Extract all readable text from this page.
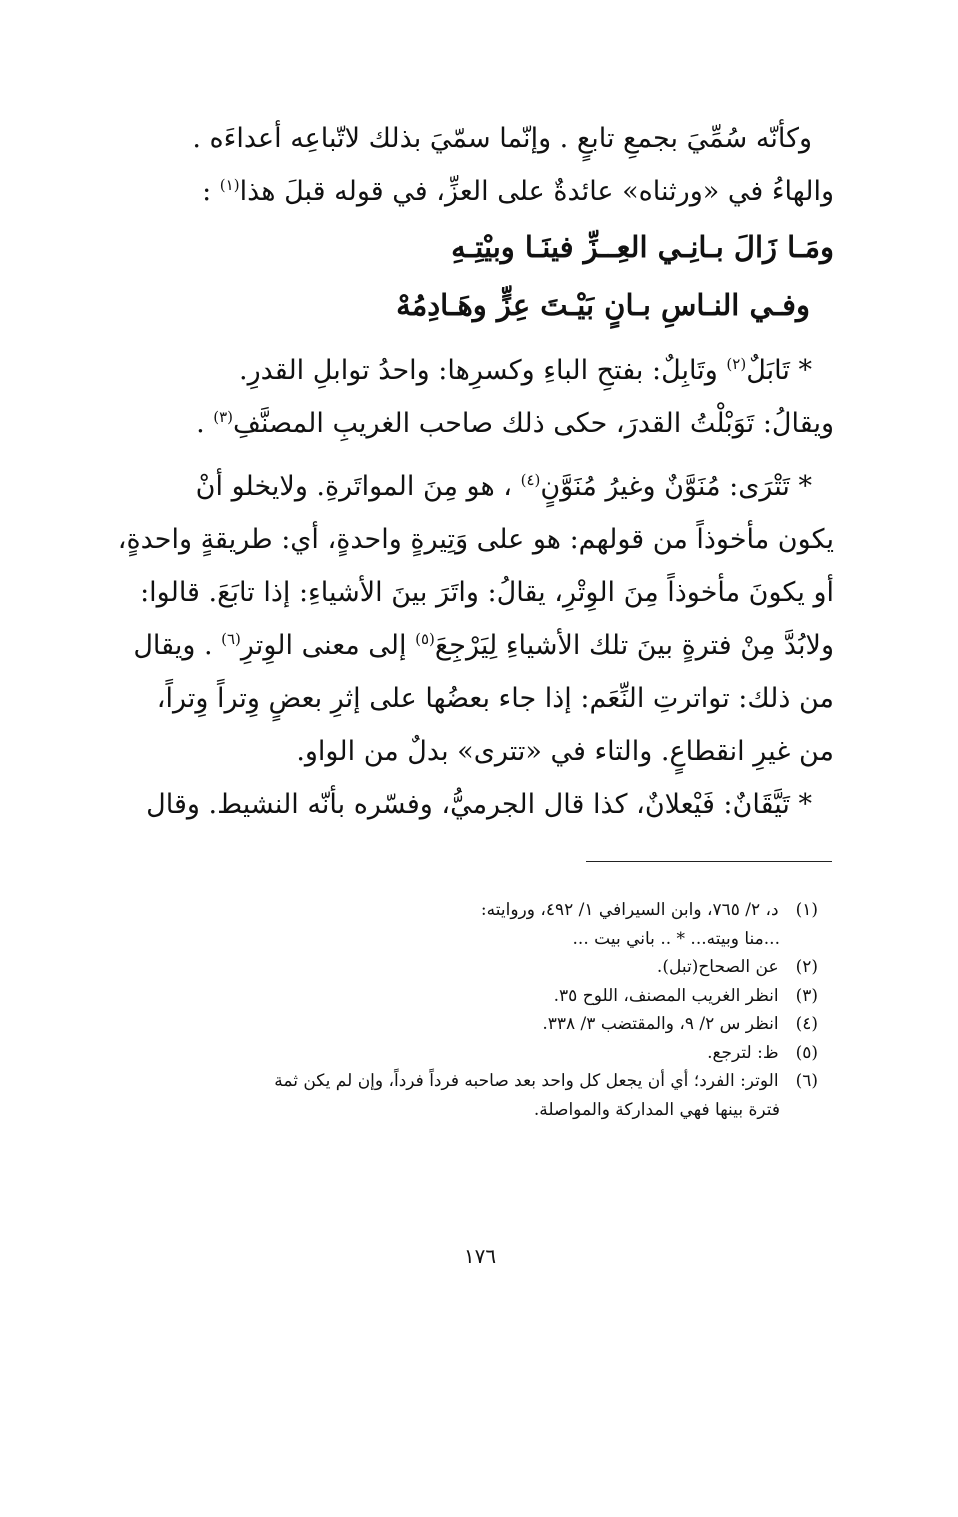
وكأنّه سُمِّيَ بجمعِ تابعٍ . وإنّما سمّيَ بذلك لاتّباعِه أعداءَه .
والهاءُ في «ورثناه» عائدةٌ على العزِّ، في قوله قبلَ هذا$^{(١)}$ :
ومَـا زَالَ بـانِـي العِــزِّ فينَـا وبيْتِـهِ
وفـي النـاسِ بـانٍ بَيْـتَ عِزٍّ وهَـادِمُهْ
* تَابَلٌ$^{(٢)}$ وتَابِلٌ: بفتحِ الباءِ وكسرِها: واحدُ توابلِ القدرِ.
ويقالُ: تَوَبْلْتُ القدرَ، حكى ذلك صاحب الغريبِ المصنَّفِ$^{(٣)}$ .
* تَتْرَى: مُنَوَّنٌ وغيرُ مُنَوَّنٍ$^{(٤)}$ ، هو مِنَ المواتَرةِ. ولايخلو أنْ
يكون مأخوذاً من قولهم: هو على وَتِيرةٍ واحدةٍ، أي: طريقةٍ واحدةٍ،
أو يكونَ مأخوذاً مِنَ الوِتْرِ، يقالُ: واتَرَ بينَ الأشياءِ: إذا تابَعَ. قالوا:
ولابُدَّ مِنْ فترةٍ بينَ تلك الأشياءِ لِيَرْجِعَ$^{(٥)}$ إلى معنى الوِترِ$^{(٦)}$ . ويقال
من ذلك: تواترتِ النِّعَم: إذا جاء بعضُها على إثرِ بعضٍ وِتراً وِتراً،
من غيرِ انقطاعٍ. والتاء في «تترى» بدلٌ من الواو.
* تَيَّقَانٌ: فَيْعلانٌ، كذا قال الجرميُّ، وفسّره بأنّه النشيط. وقال
(١) د، ٢/ ٧٦٥، وابن السيرافي ١/ ٤٩٢، وروايته:
...منا وبيته... * .. باني بيت ...
(٢) عن الصحاح(تبل).
(٣) انظر الغريب المصنف، اللوح ٣٥.
(٤) انظر س ٢/ ٩، والمقتضب ٣/ ٣٣٨.
(٥) ظ: لترجع.
(٦) الوتر: الفرد؛ أي أن يجعل كل واحد بعد صاحبه فرداً فرداً، وإن لم يكن ثمة
فترة بينها فهي المداركة والمواصلة.
١٧٦
